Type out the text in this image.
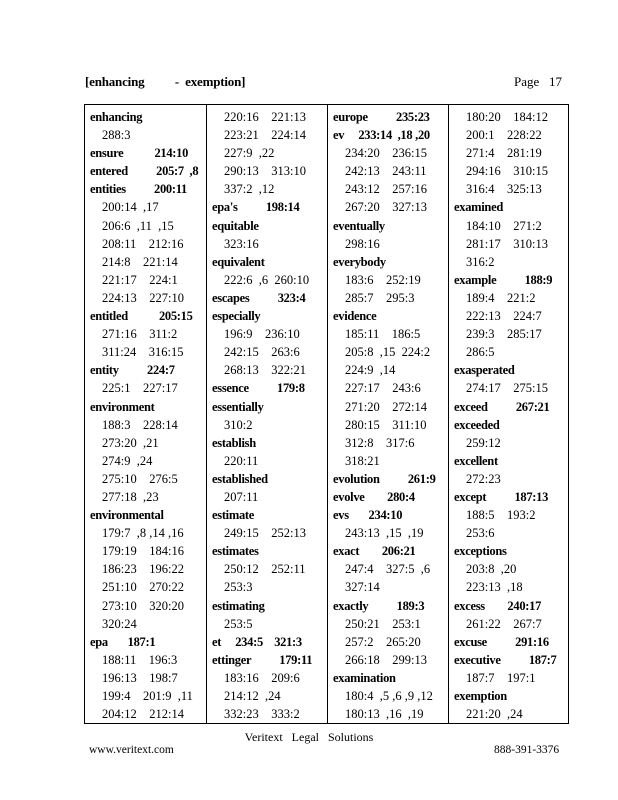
[enhancing          -  exemption]	Page   17
enhancing
288:3
ensure           214:10
entered          205:7  ,8
entities          200:11
200:14  ,17
206:6  ,11  ,15
208:11    212:16
214:8    221:14
221:17    224:1
224:13    227:10
entitled           205:15
271:16    311:2
311:24    316:15
entity          224:7
225:1    227:17
environment
188:3    228:14
273:20  ,21
274:9  ,24
275:10    276:5
277:18  ,23
environmental
179:7  ,8 ,14 ,16
179:19    184:16
186:23    196:22
251:10    270:22
273:10    320:20
320:24
epa       187:1
188:11    196:3
196:13    198:7
199:4    201:9  ,11
204:12    212:14
220:16    221:13
223:21    224:14
227:9  ,22
290:13    313:10
337:2  ,12
epa's          198:14
equitable
323:16
equivalent
222:6  ,6  260:10
escapes          323:4
especially
196:9    236:10
242:15    263:6
268:13    322:21
essence          179:8
essentially
310:2
establish
220:11
established
207:11
estimate
249:15    252:13
estimates
250:12    252:11
253:3
estimating
253:5
et     234:5    321:3
ettinger          179:11
183:16    209:6
214:12  ,24
332:23    333:2
europe          235:23
ev     233:14  ,18 ,20
234:20    236:15
242:13    243:11
243:12    257:16
267:20    327:13
eventually
298:16
everybody
183:6    252:19
285:7    295:3
evidence
185:11    186:5
205:8  ,15  224:2
224:9  ,14
227:17    243:6
271:20    272:14
280:15    311:10
312:8    317:6
318:21
evolution          261:9
evolve        280:4
evs       234:10
243:13  ,15  ,19
exact        206:21
247:4    327:5  ,6
327:14
exactly          189:3
250:21    253:1
257:2    265:20
266:18    299:13
examination
180:4  ,5 ,6 ,9 ,12
180:13  ,16  ,19
180:20    184:12
200:1    228:22
271:4    281:19
294:16    310:15
316:4    325:13
examined
184:10    271:2
281:17    310:13
316:2
example          188:9
189:4    221:2
222:13    224:7
239:3    285:17
286:5
exasperated
274:17    275:15
exceed          267:21
exceeded
259:12
excellent
272:23
except          187:13
188:5    193:2
253:6
exceptions
203:8  ,20
223:13  ,18
excess        240:17
261:22    267:7
excuse          291:16
executive          187:7
187:7    197:1
exemption
221:20  ,24
Veritext Legal Solutions
www.veritext.com	888-391-3376
